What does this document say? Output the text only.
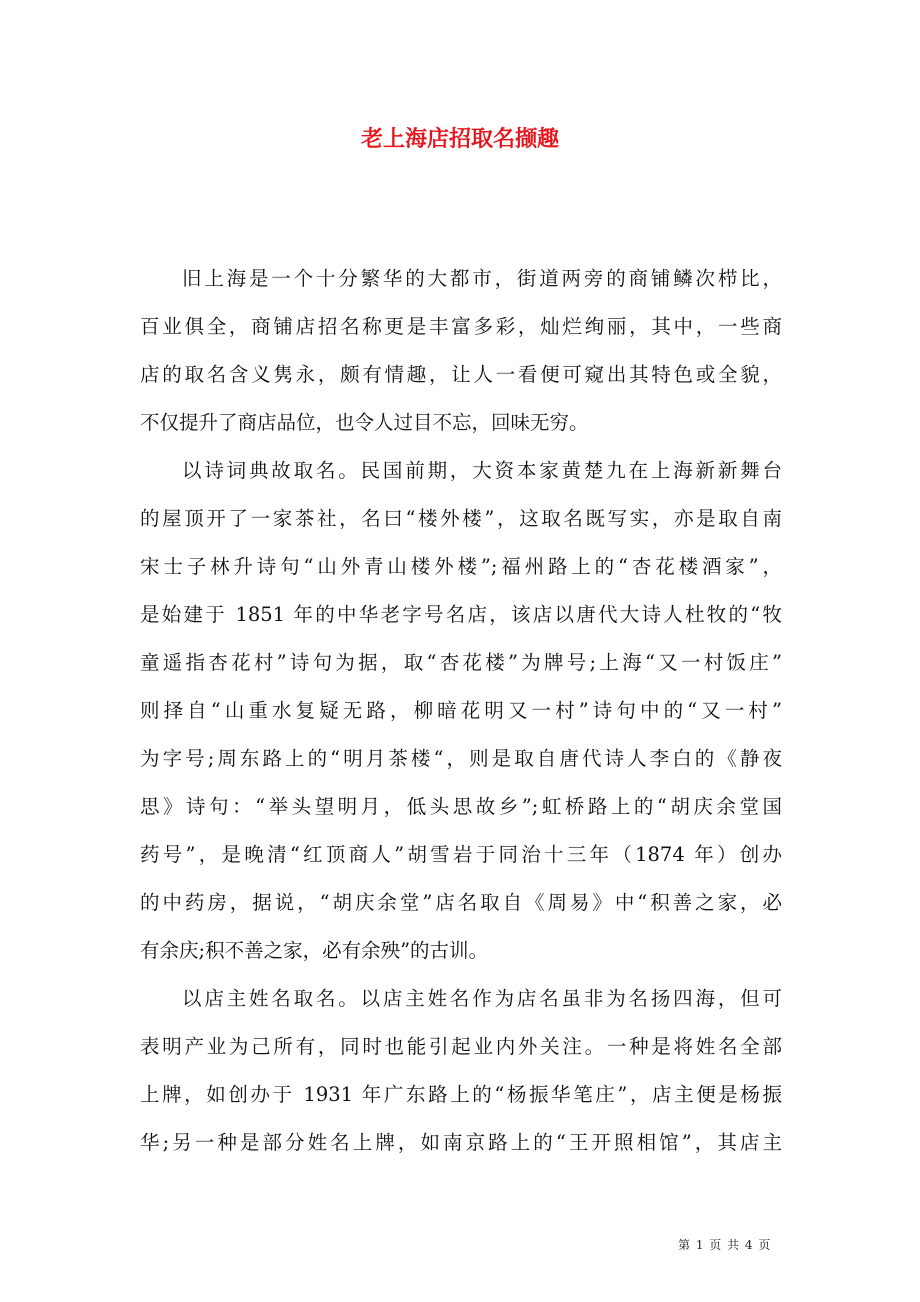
老上海店招取名撷趣
旧上海是一个十分繁华的大都市，街道两旁的商铺鳞次栉比，
百业俱全，商铺店招名称更是丰富多彩，灿烂绚丽，其中，一些商
店的取名含义隽永，颇有情趣，让人一看便可窥出其特色或全貌，
不仅提升了商店品位，也令人过目不忘，回味无穷。
以诗词典故取名。民国前期，大资本家黄楚九在上海新新舞台
的屋顶开了一家茶社，名曰“楼外楼”，这取名既写实，亦是取自南
宋士子林升诗句“山外青山楼外楼”;福州路上的“杏花楼酒家”，
是始建于 1851 年的中华老字号名店，该店以唐代大诗人杜牧的“牧
童遥指杏花村”诗句为据，取“杏花楼”为牌号;上海“又一村饭庄”
则择自“山重水复疑无路，柳暗花明又一村”诗句中的“又一村”
为字号;周东路上的“明月茶楼“，则是取自唐代诗人李白的《静夜
思》诗句：“举头望明月，低头思故乡”;虹桥路上的“胡庆余堂国
药号”，是晚清“红顶商人”胡雪岩于同治十三年（1874 年）创办
的中药房，据说，“胡庆余堂”店名取自《周易》中“积善之家，必
有余庆;积不善之家，必有余殃”的古训。
以店主姓名取名。以店主姓名作为店名虽非为名扬四海，但可
表明产业为己所有，同时也能引起业内外关注。一种是将姓名全部
上牌，如创办于 1931 年广东路上的“杨振华笔庄”，店主便是杨振
华;另一种是部分姓名上牌，如南京路上的“王开照相馆”，其店主
第 1 页 共 4 页
